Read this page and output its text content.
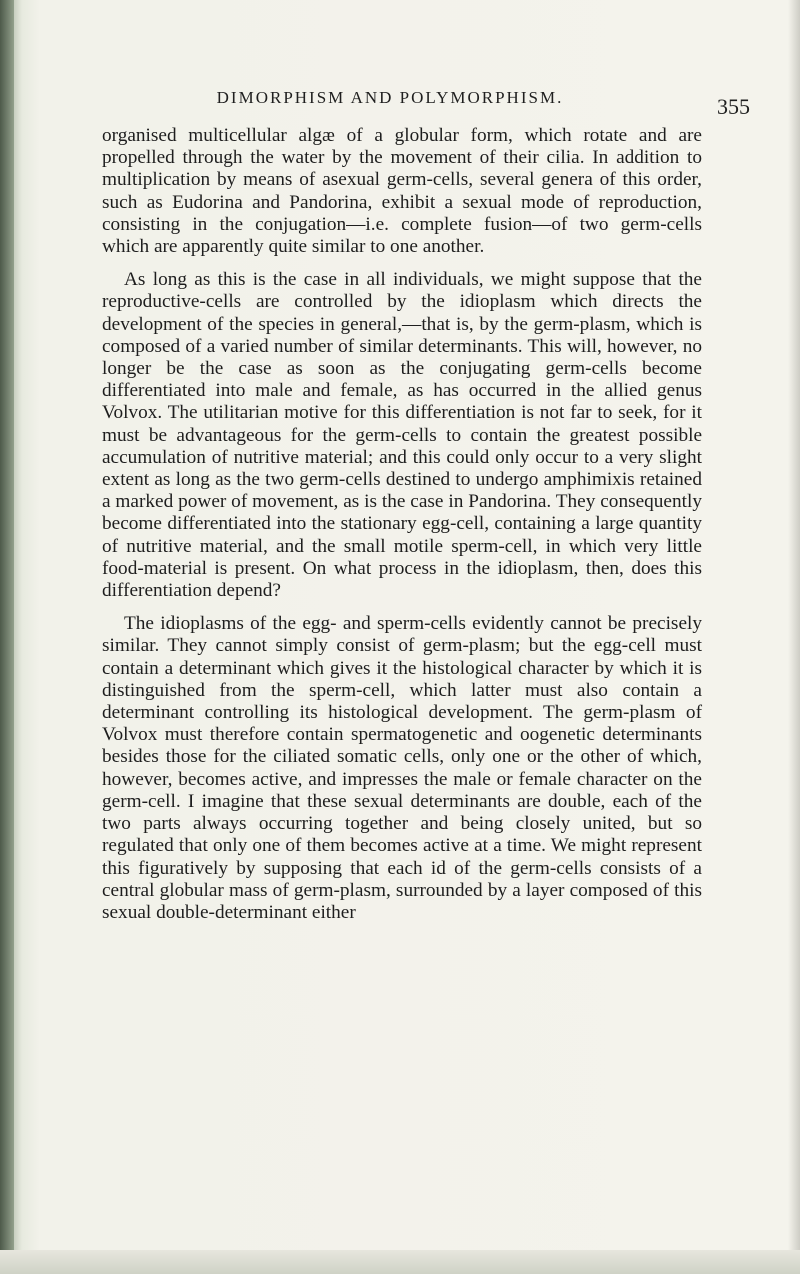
DIMORPHISM AND POLYMORPHISM.	355

organised multicellular algæ of a globular form, which rotate and are propelled through the water by the movement of their cilia. In addition to multiplication by means of asexual germ-cells, several genera of this order, such as Eudorina and Pandorina, exhibit a sexual mode of reproduction, consisting in the conjugation—i.e. complete fusion—of two germ-cells which are apparently quite similar to one another.

As long as this is the case in all individuals, we might suppose that the reproductive-cells are controlled by the idioplasm which directs the development of the species in general,—that is, by the germ-plasm, which is composed of a varied number of similar determinants. This will, however, no longer be the case as soon as the conjugating germ-cells become differentiated into male and female, as has occurred in the allied genus Volvox. The utilitarian motive for this differentiation is not far to seek, for it must be advantageous for the germ-cells to contain the greatest possible accumulation of nutritive material; and this could only occur to a very slight extent as long as the two germ-cells destined to undergo amphimixis retained a marked power of movement, as is the case in Pandorina. They consequently become differentiated into the stationary egg-cell, containing a large quantity of nutritive material, and the small motile sperm-cell, in which very little food-material is present. On what process in the idioplasm, then, does this differentiation depend?

The idioplasms of the egg- and sperm-cells evidently cannot be precisely similar. They cannot simply consist of germ-plasm; but the egg-cell must contain a determinant which gives it the histological character by which it is distinguished from the sperm-cell, which latter must also contain a determinant controlling its histological development. The germ-plasm of Volvox must therefore contain spermatogenetic and oogenetic determinants besides those for the ciliated somatic cells, only one or the other of which, however, becomes active, and impresses the male or female character on the germ-cell. I imagine that these sexual determinants are double, each of the two parts always occurring together and being closely united, but so regulated that only one of them becomes active at a time. We might represent this figuratively by supposing that each id of the germ-cells consists of a central globular mass of germ-plasm, surrounded by a layer composed of this sexual double-determinant either
